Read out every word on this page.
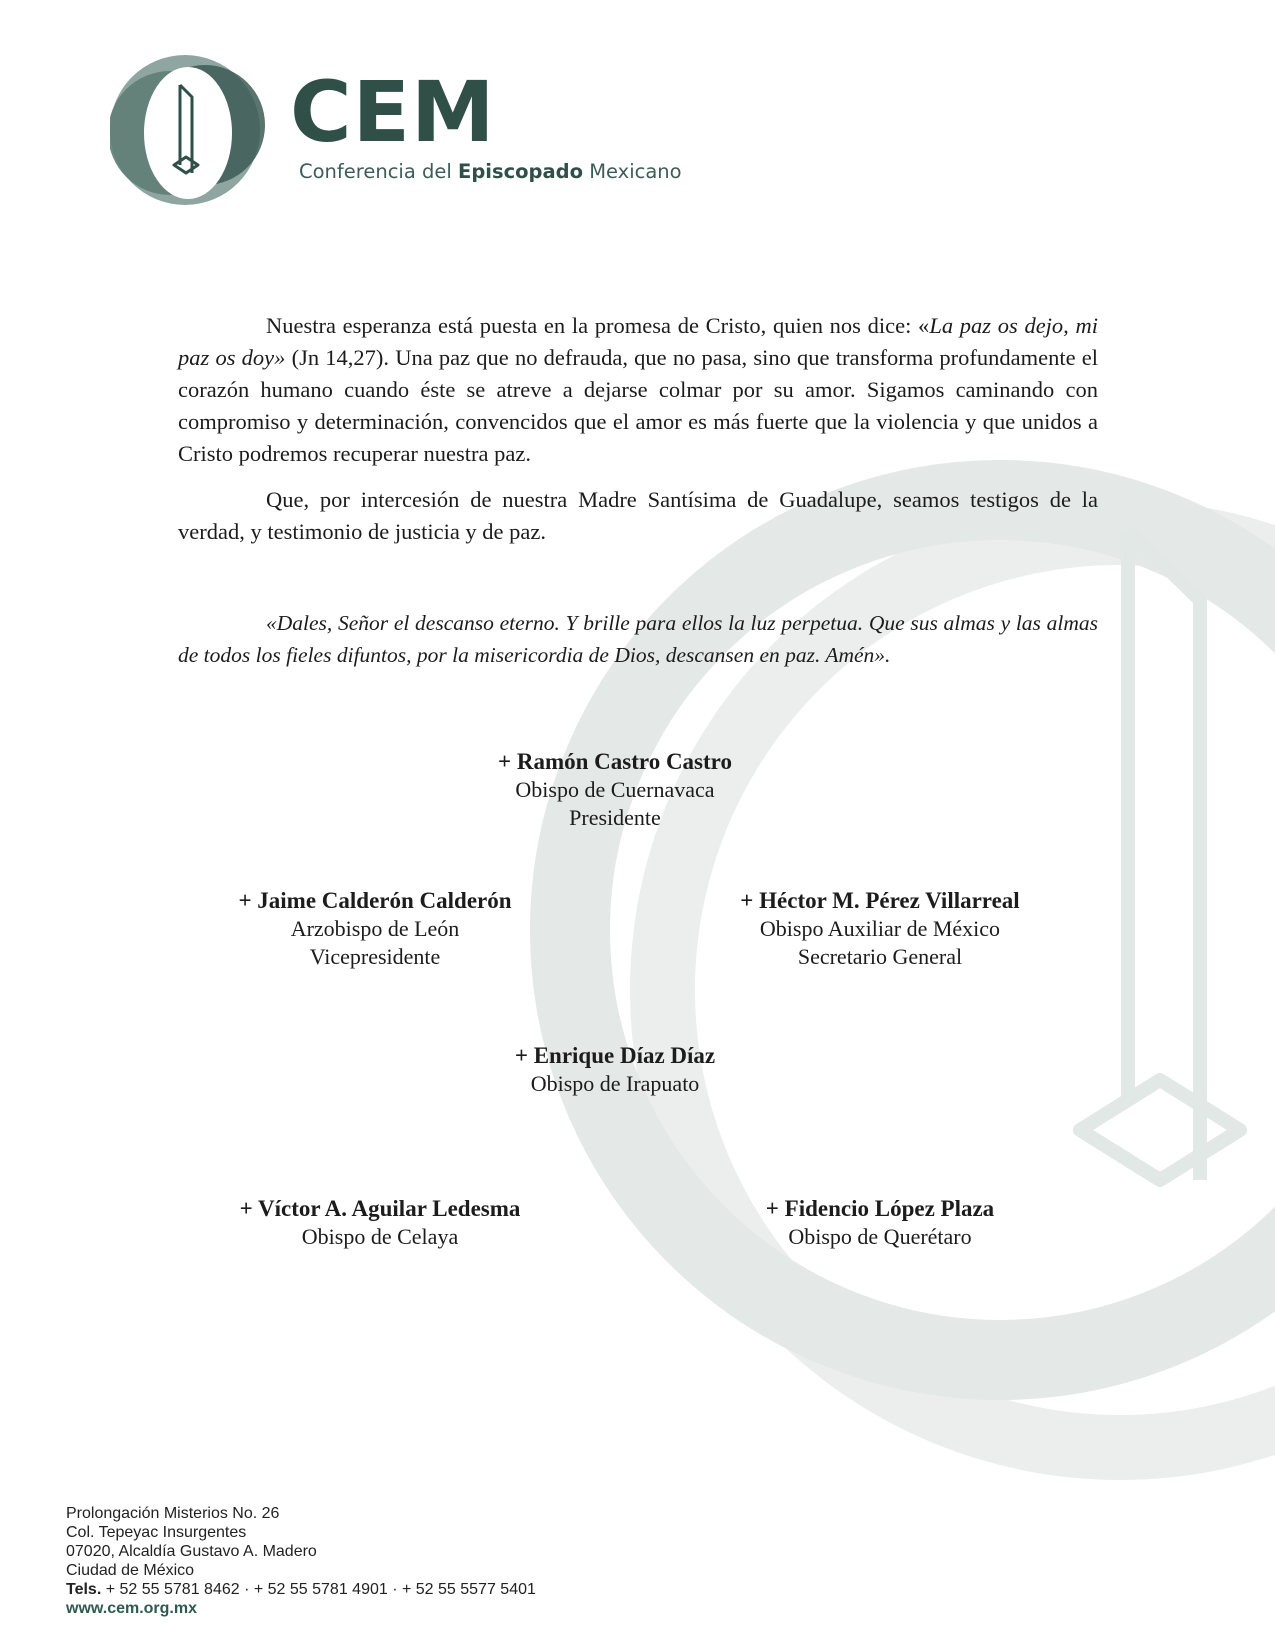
CEM
Conferencia del Episcopado Mexicano
Nuestra esperanza está puesta en la promesa de Cristo, quien nos dice: «La paz os dejo, mi paz os doy» (Jn 14,27). Una paz que no defrauda, que no pasa, sino que transforma profundamente el corazón humano cuando éste se atreve a dejarse colmar por su amor. Sigamos caminando con compromiso y determinación, convencidos que el amor es más fuerte que la violencia y que unidos a Cristo podremos recuperar nuestra paz.
Que, por intercesión de nuestra Madre Santísima de Guadalupe, seamos testigos de la verdad, y testimonio de justicia y de paz.
«Dales, Señor el descanso eterno. Y brille para ellos la luz perpetua. Que sus almas y las almas de todos los fieles difuntos, por la misericordia de Dios, descansen en paz. Amén».
+ Ramón Castro Castro
Obispo de Cuernavaca
Presidente
+ Jaime Calderón Calderón
Arzobispo de León
Vicepresidente
+ Héctor M. Pérez Villarreal
Obispo Auxiliar de México
Secretario General
+ Enrique Díaz Díaz
Obispo de Irapuato
+ Víctor A. Aguilar Ledesma
Obispo de Celaya
+ Fidencio López Plaza
Obispo de Querétaro
Prolongación Misterios No. 26
Col. Tepeyac Insurgentes
07020, Alcaldía Gustavo A. Madero
Ciudad de México
Tels. + 52 55 5781 8462 · + 52 55 5781 4901 · + 52 55 5577 5401
www.cem.org.mx
